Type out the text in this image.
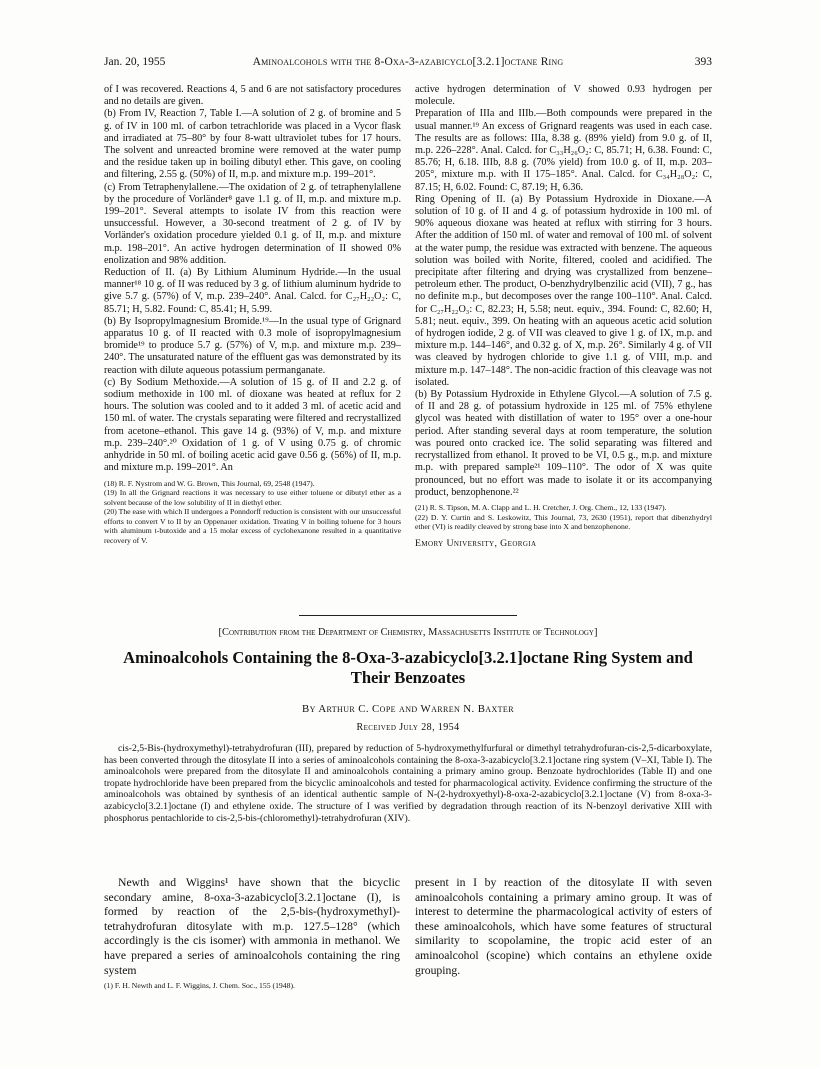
Jan. 20, 1955	Aminoalcohols with the 8-Oxa-3-azabicyclo[3.2.1]octane Ring	393

of I was recovered. Reactions 4, 5 and 6 are not satisfactory procedures and no details are given.

(b) From IV, Reaction 7, Table I.—A solution of 2 g. of bromine and 5 g. of IV in 100 ml. of carbon tetrachloride was placed in a Vycor flask and irradiated at 75–80° by four 8-watt ultraviolet tubes for 17 hours. The solvent and unreacted bromine were removed at the water pump and the residue taken up in boiling dibutyl ether. This gave, on cooling and filtering, 2.55 g. (50%) of II, m.p. and mixture m.p. 199–201°.

(c) From Tetraphenylallene.—The oxidation of 2 g. of tetraphenylallene by the procedure of Vorländer⁸ gave 1.1 g. of II, m.p. and mixture m.p. 199–201°. Several attempts to isolate IV from this reaction were unsuccessful. However, a 30-second treatment of 2 g. of IV by Vorländer's oxidation procedure yielded 0.1 g. of II, m.p. and mixture m.p. 198–201°. An active hydrogen determination of II showed 0% enolization and 98% addition.

Reduction of II. (a) By Lithium Aluminum Hydride.—In the usual manner¹⁸ 10 g. of II was reduced by 3 g. of lithium aluminum hydride to give 5.7 g. (57%) of V, m.p. 239–240°. Anal. Calcd. for C₂₇H₂₂O₂: C, 85.71; H, 5.82. Found: C, 85.41; H, 5.99.

(b) By Isopropylmagnesium Bromide.¹⁹—In the usual type of Grignard apparatus 10 g. of II reacted with 0.3 mole of isopropylmagnesium bromide¹⁹ to produce 5.7 g. (57%) of V, m.p. and mixture m.p. 239–240°. The unsaturated nature of the effluent gas was demonstrated by its reaction with dilute aqueous potassium permanganate.

(c) By Sodium Methoxide.—A solution of 15 g. of II and 2.2 g. of sodium methoxide in 100 ml. of dioxane was heated at reflux for 2 hours. The solution was cooled and to it added 3 ml. of acetic acid and 150 ml. of water. The crystals separating were filtered and recrystallized from acetone–ethanol. This gave 14 g. (93%) of V, m.p. and mixture m.p. 239–240°.²⁰ Oxidation of 1 g. of V using 0.75 g. of chromic anhydride in 50 ml. of boiling acetic acid gave 0.56 g. (56%) of II, m.p. and mixture m.p. 199–201°. An

(18) R. F. Nystrom and W. G. Brown, This Journal, 69, 2548 (1947).

(19) In all the Grignard reactions it was necessary to use either toluene or dibutyl ether as a solvent because of the low solubility of II in diethyl ether.

(20) The ease with which II undergoes a Ponndorff reduction is consistent with our unsuccessful efforts to convert V to II by an Oppenauer oxidation. Treating V in boiling toluene for 3 hours with aluminum t-butoxide and a 15 molar excess of cyclohexanone resulted in a quantitative recovery of V.

active hydrogen determination of V showed 0.93 hydrogen per molecule.

Preparation of IIIa and IIIb.—Both compounds were prepared in the usual manner.¹⁹ An excess of Grignard reagents was used in each case. The results are as follows: IIIa, 8.38 g. (89% yield) from 9.0 g. of II, m.p. 226–228°. Anal. Calcd. for C₃₃H₂₆O₂: C, 85.71; H, 6.38. Found: C, 85.76; H, 6.18. IIIb, 8.8 g. (70% yield) from 10.0 g. of II, m.p. 203–205°, mixture m.p. with II 175–185°. Anal. Calcd. for C₃₄H₂₈O₂: C, 87.15; H, 6.02. Found: C, 87.19; H, 6.36.

Ring Opening of II. (a) By Potassium Hydroxide in Dioxane.—A solution of 10 g. of II and 4 g. of potassium hydroxide in 100 ml. of 90% aqueous dioxane was heated at reflux with stirring for 3 hours. After the addition of 150 ml. of water and removal of 100 ml. of solvent at the water pump, the residue was extracted with benzene. The aqueous solution was boiled with Norite, filtered, cooled and acidified. The precipitate after filtering and drying was crystallized from benzene–petroleum ether. The product, O-benzhydrylbenzilic acid (VII), 7 g., has no definite m.p., but decomposes over the range 100–110°. Anal. Calcd. for C₂₇H₂₂O₃: C, 82.23; H, 5.58; neut. equiv., 394. Found: C, 82.60; H, 5.81; neut. equiv., 399. On heating with an aqueous acetic acid solution of hydrogen iodide, 2 g. of VII was cleaved to give 1 g. of IX, m.p. and mixture m.p. 144–146°, and 0.32 g. of X, m.p. 26°. Similarly 4 g. of VII was cleaved by hydrogen chloride to give 1.1 g. of VIII, m.p. and mixture m.p. 147–148°. The non-acidic fraction of this cleavage was not isolated.

(b) By Potassium Hydroxide in Ethylene Glycol.—A solution of 7.5 g. of II and 28 g. of potassium hydroxide in 125 ml. of 75% ethylene glycol was heated with distillation of water to 195° over a one-hour period. After standing several days at room temperature, the solution was poured onto cracked ice. The solid separating was filtered and recrystallized from ethanol. It proved to be VI, 0.5 g., m.p. and mixture m.p. with prepared sample²¹ 109–110°. The odor of X was quite pronounced, but no effort was made to isolate it or its accompanying product, benzophenone.²²

(21) R. S. Tipson, M. A. Clapp and L. H. Cretcher, J. Org. Chem., 12, 133 (1947).

(22) D. Y. Curtin and S. Leskowitz, This Journal, 73, 2630 (1951), report that dibenzhydryl ether (VI) is readily cleaved by strong base into X and benzophenone.

Emory University, Georgia

[Contribution from the Department of Chemistry, Massachusetts Institute of Technology]
Aminoalcohols Containing the 8-Oxa-3-azabicyclo[3.2.1]octane Ring System and Their Benzoates
By Arthur C. Cope and Warren N. Baxter
Received July 28, 1954

cis-2,5-Bis-(hydroxymethyl)-tetrahydrofuran (III), prepared by reduction of 5-hydroxymethylfurfural or dimethyl tetrahydrofuran-cis-2,5-dicarboxylate, has been converted through the ditosylate II into a series of aminoalcohols containing the 8-oxa-3-azabicyclo[3.2.1]octane ring system (V–XI, Table I). The aminoalcohols were prepared from the ditosylate II and aminoalcohols containing a primary amino group. Benzoate hydrochlorides (Table II) and one tropate hydrochloride have been prepared from the bicyclic aminoalcohols and tested for pharmacological activity. Evidence confirming the structure of the aminoalcohols was obtained by synthesis of an identical authentic sample of N-(2-hydroxyethyl)-8-oxa-2-azabicyclo[3.2.1]octane (V) from 8-oxa-3-azabicyclo[3.2.1]octane (I) and ethylene oxide. The structure of I was verified by degradation through reaction of its N-benzoyl derivative XIII with phosphorus pentachloride to cis-2,5-bis-(chloromethyl)-tetrahydrofuran (XIV).

Newth and Wiggins¹ have shown that the bicyclic secondary amine, 8-oxa-3-azabicyclo[3.2.1]octane (I), is formed by reaction of the 2,5-bis-(hydroxymethyl)-tetrahydrofuran ditosylate with m.p. 127.5–128° (which accordingly is the cis isomer) with ammonia in methanol. We have prepared a series of aminoalcohols containing the ring system

(1) F. H. Newth and L. F. Wiggins, J. Chem. Soc., 155 (1948).

present in I by reaction of the ditosylate II with seven aminoalcohols containing a primary amino group. It was of interest to determine the pharmacological activity of esters of these aminoalcohols, which have some features of structural similarity to scopolamine, the tropic acid ester of an aminoalcohol (scopine) which contains an ethylene oxide grouping.
